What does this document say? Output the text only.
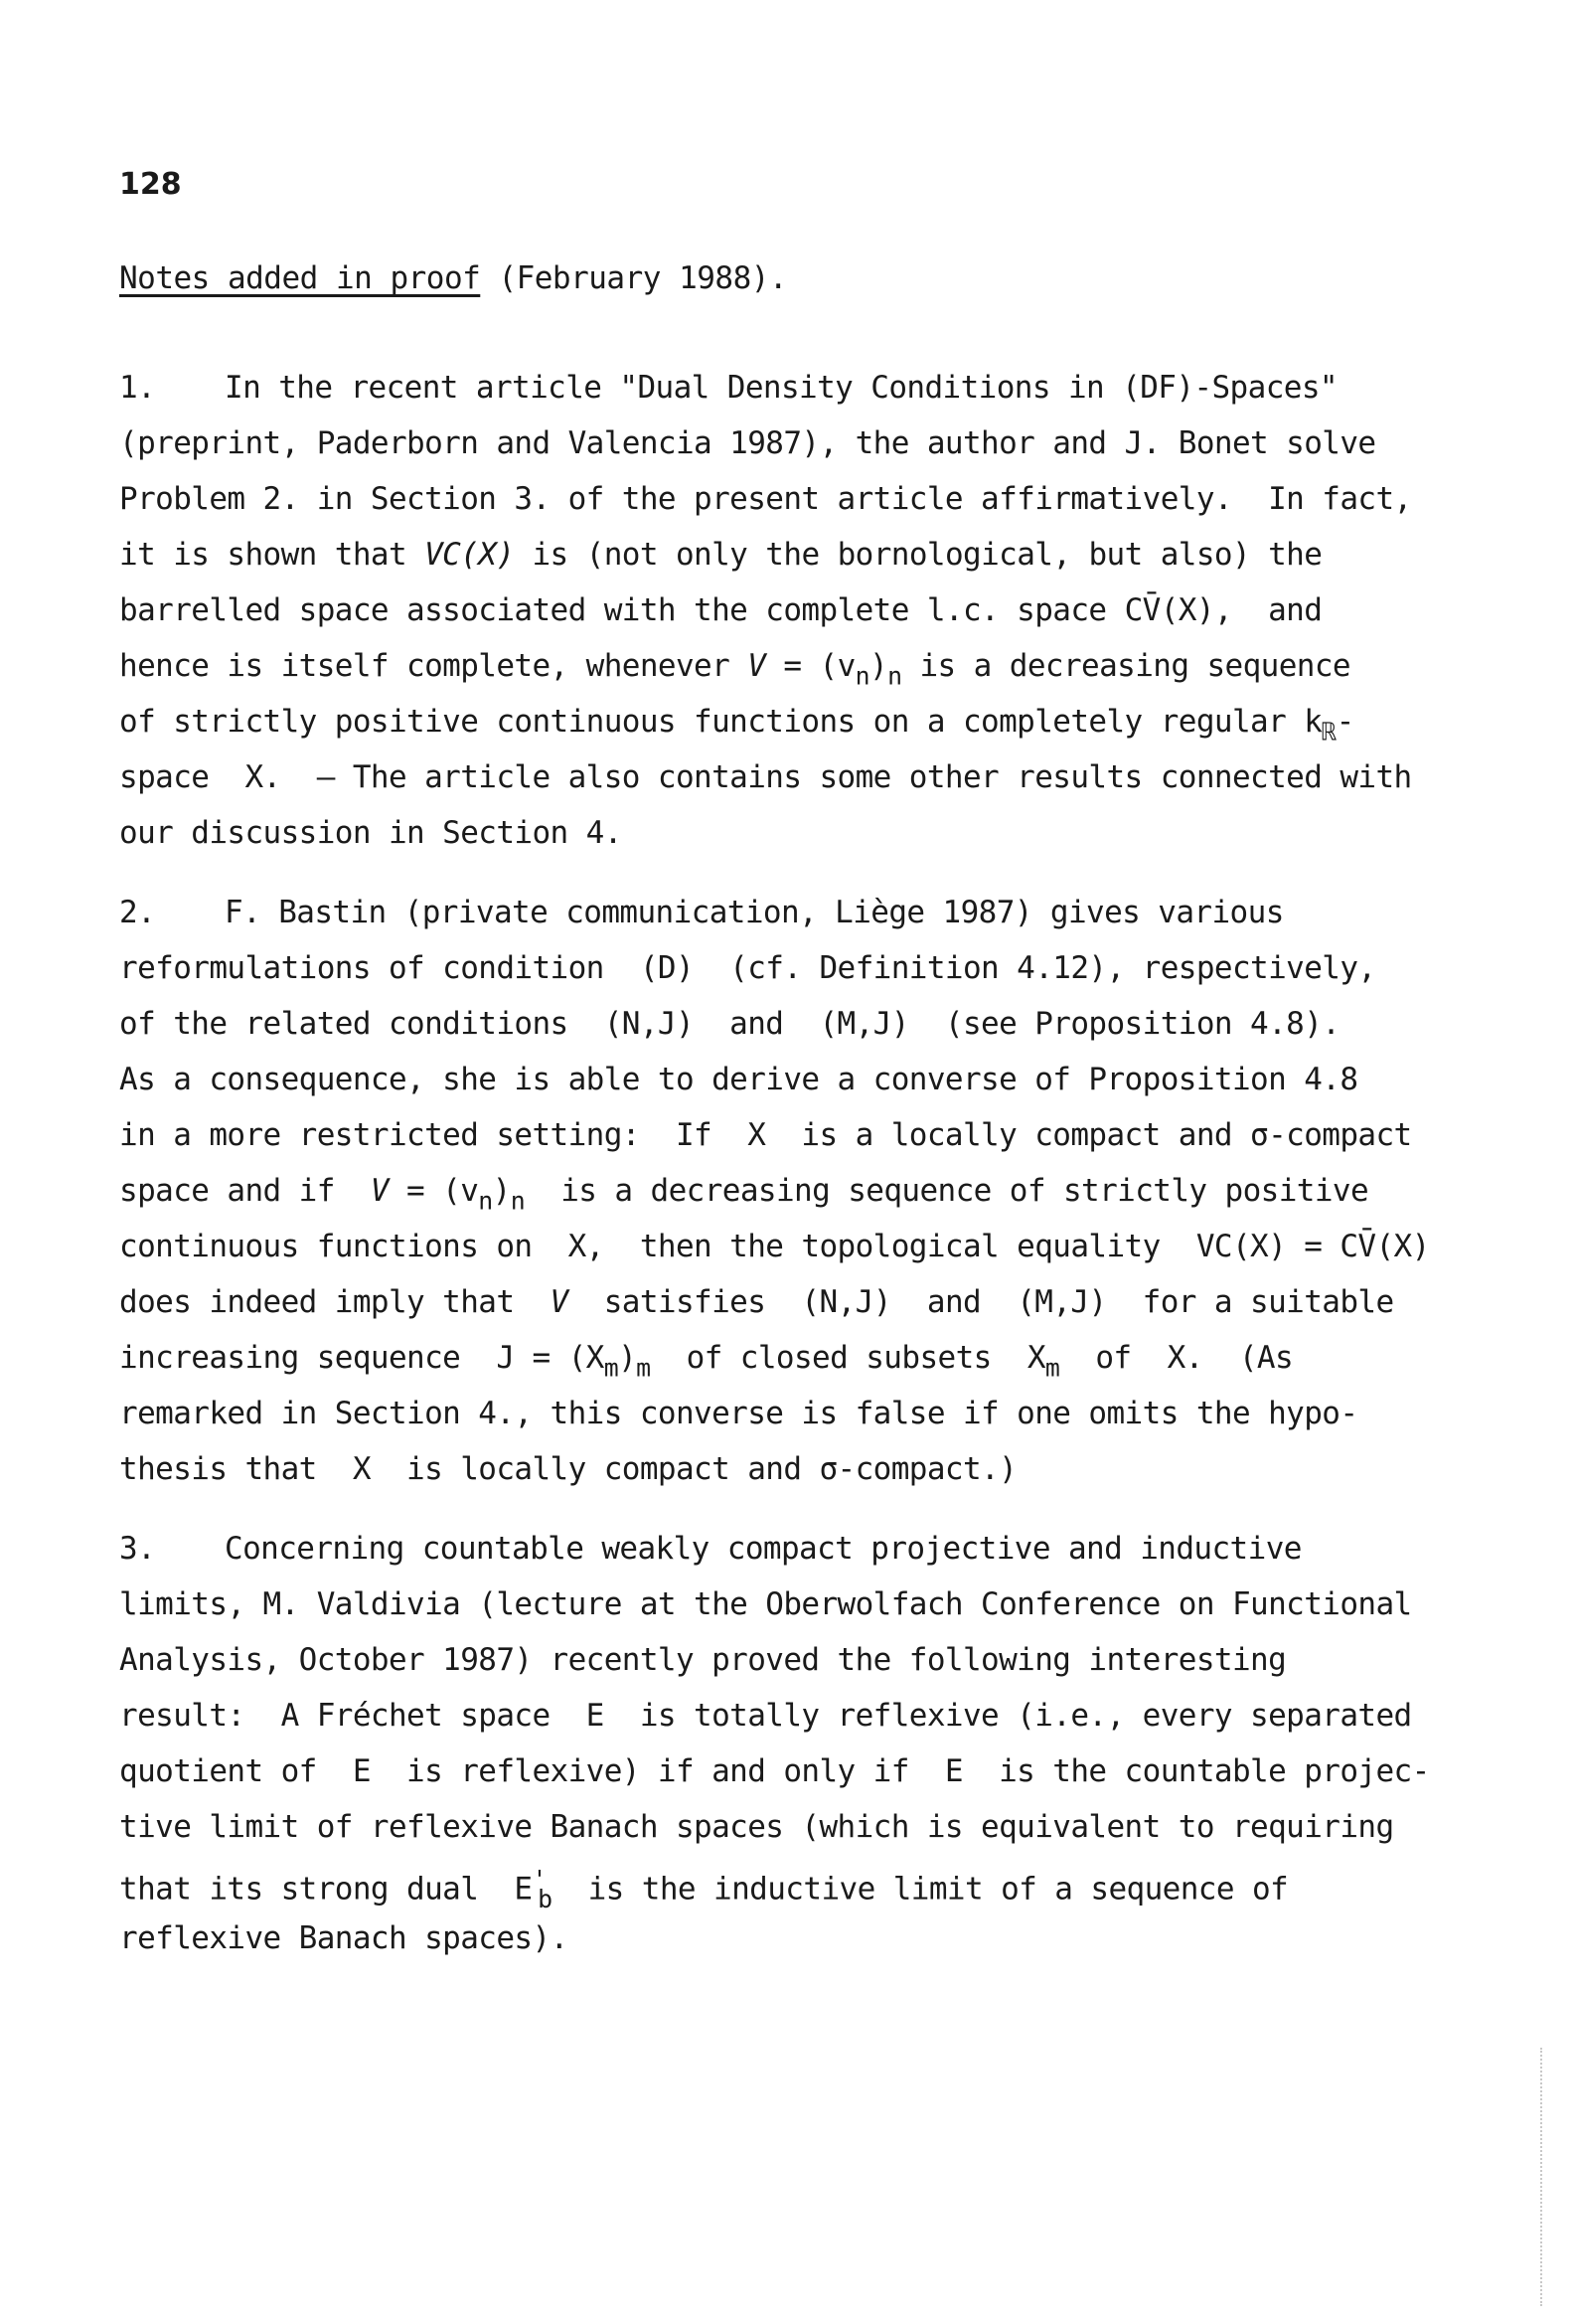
128
Notes added in proof (February 1988).
1. In the recent article "Dual Density Conditions in (DF)-Spaces"
(preprint, Paderborn and Valencia 1987), the author and J. Bonet solve
Problem 2. in Section 3. of the present article affirmatively.  In fact,
it is shown that VC(X) is (not only the bornological, but also) the
barrelled space associated with the complete l.c. space CV̄(X),  and
hence is itself complete, whenever $V = (v_n)_n$ is a decreasing sequence
of strictly positive continuous functions on a completely regular $k_ℝ-$
space  X.  – The article also contains some other results connected with
our discussion in Section 4.
2. F. Bastin (private communication, Liège 1987) gives various
reformulations of condition  (D)  (cf. Definition 4.12), respectively,
of the related conditions  (N,J)  and  (M,J)  (see Proposition 4.8).
As a consequence, she is able to derive a converse of Proposition 4.8
in a more restricted setting:  If  X  is a locally compact and σ-compact
space and if  $V = (v_n)_n$  is a decreasing sequence of strictly positive
continuous functions on  X,  then the topological equality  VC(X) = CV̄(X)
does indeed imply that  V  satisfies  (N,J)  and  (M,J)  for a suitable
increasing sequence  $J = (X_m)_m$  of closed subsets  $X_m$  of  X.  (As
remarked in Section 4., this converse is false if one omits the hypo-
thesis that  X  is locally compact and σ-compact.)
3. Concerning countable weakly compact projective and inductive
limits, M. Valdivia (lecture at the Oberwolfach Conference on Functional
Analysis, October 1987) recently proved the following interesting
result:  A Fréchet space  E  is totally reflexive (i.e., every separated
quotient of  E  is reflexive) if and only if  E  is the countable projec-
tive limit of reflexive Banach spaces (which is equivalent to requiring
that its strong dual  $E'_b$  is the inductive limit of a sequence of
reflexive Banach spaces).
